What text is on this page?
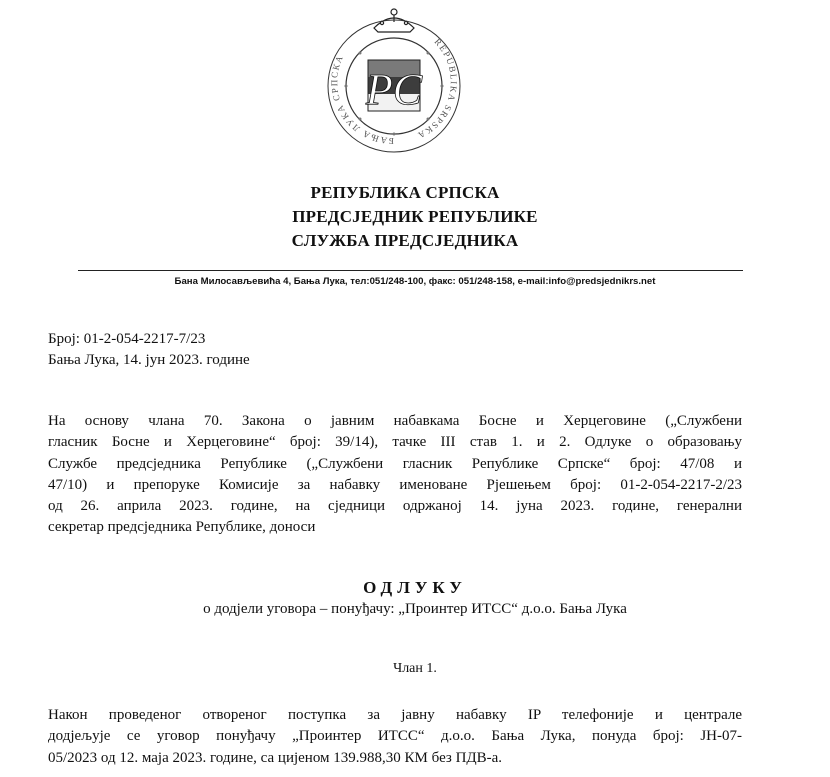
БАЊА ЛУКА СРПСКА
REPUBLIKA SRPSKA
РС
РЕПУБЛИКА СРПСКА
ПРЕДСЈЕДНИК РЕПУБЛИКЕ
СЛУЖБА ПРЕДСЈЕДНИКА
Бана Милосављевића 4, Бања Лука, тел:051/248-100, факс: 051/248-158, e-mail:info@predsjednikrs.net
Број: 01-2-054-2217-7/23
Бања Лука, 14. јун 2023. године
На основу члана 70. Закона о јавним набавкама Босне и Херцеговине („Службени
гласник Босне и Херцеговине“ број: 39/14), тачке III став 1. и 2. Одлуке о образовању
Службе предсједника Републике („Службени гласник Републике Српске“ број: 47/08 и
47/10) и препоруке Комисије за набавку именоване Рјешењем број: 01-2-054-2217-2/23
од 26. априла 2023. године, на сједници одржаној 14. јуна 2023. године, генерални
секретар предсједника Републике, доноси
ОДЛУКУ
о додјели уговора – понуђачу: „Проинтер ИТСС“ д.о.о. Бања Лука
Члан 1.
Након проведеног отвореног поступка за јавну набавку IP телефоније и централе
додјељује се уговор понуђачу „Проинтер ИТСС“ д.о.о. Бања Лука, понуда број: ЈН-07-
05/2023 од 12. маја 2023. године, са цијеном 139.988,30 КМ без ПДВ-а.
